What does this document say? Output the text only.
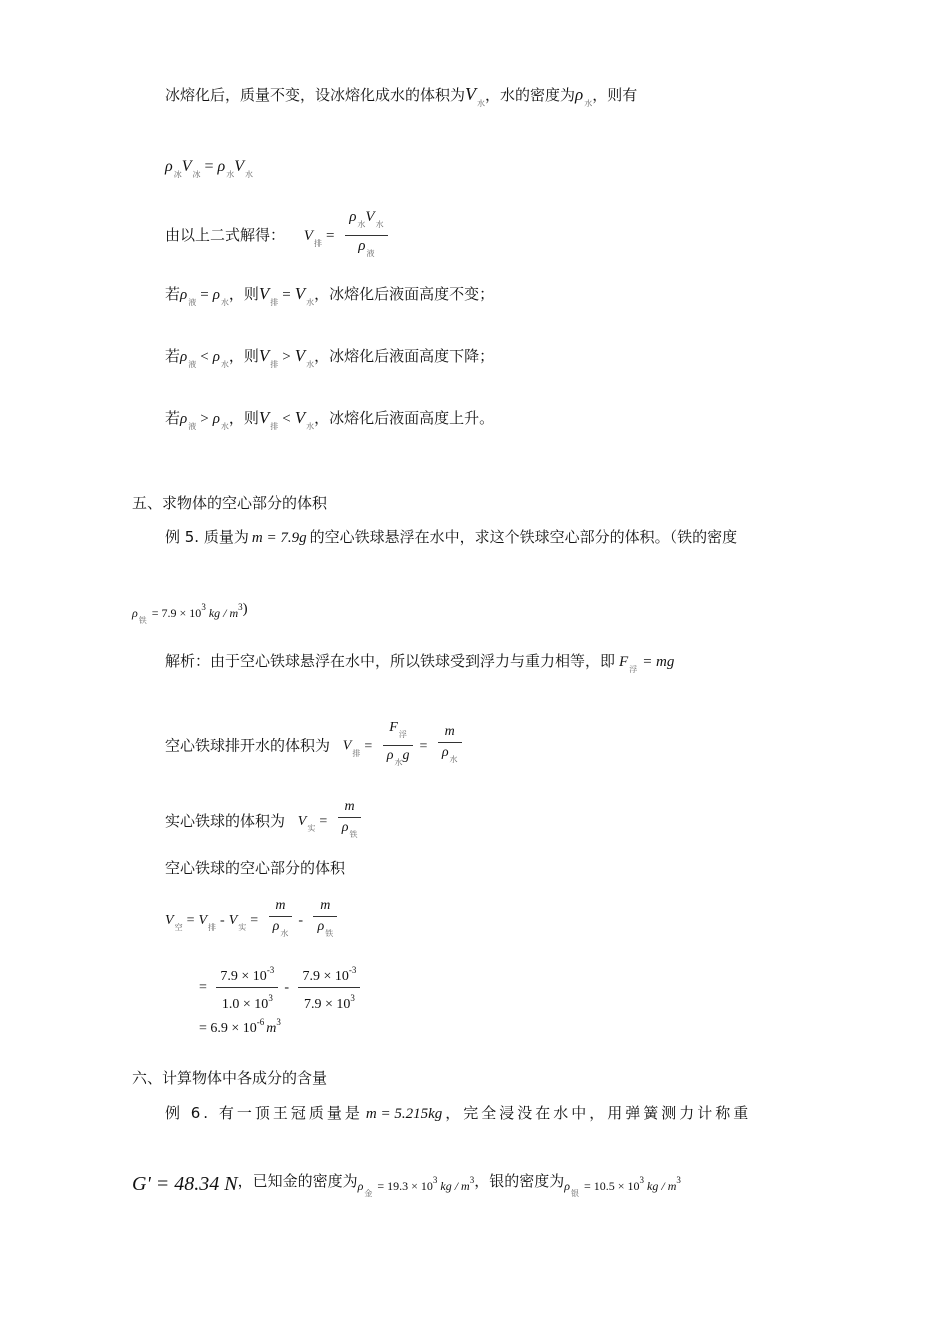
冰熔化后，质量不变，设冰熔化成水的体积为$V_水$，水的密度为$\rho_水$，则有
$\rho_冰V_冰 = \rho_水V_水$
由以上二式解得： $V_排 = \frac{\rho_水V_水}{\rho_液}$
若$\rho_液 = \rho_水$，则$V_排 = V_水$，冰熔化后液面高度不变；
若$\rho_液 < \rho_水$，则$V_排 > V_水$，冰熔化后液面高度下降；
若$\rho_液 > \rho_水$，则$V_排 < V_水$，冰熔化后液面高度上升。
五、求物体的空心部分的体积
例 5. 质量为 m = 7.9g 的空心铁球悬浮在水中，求这个铁球空心部分的体积。（铁的密度
$\rho_铁= 7.9 \times 10^3$ kg / $m^3$)
解析：由于空心铁球悬浮在水中，所以铁球受到浮力与重力相等，即 $F_浮$ = mg
空心铁球排开水的体积为 $V_排 = \frac{F_浮}{\rho_水g} = \frac{m}{\rho_水}$
实心铁球的体积为 $V_实 = \frac{m}{\rho_铁}$
空心铁球的空心部分的体积
$V_空 = V_排 - V_实 = \frac{m}{\rho_水} - \frac{m}{\rho_铁}$
= $\frac{7.9 \times 10^{-3}}{1.0 \times 10^3} - \frac{7.9 \times 10^{-3}}{7.9 \times 10^3}$
= $6.9 \times 10^{-6}$ $m^3$
六、计算物体中各成分的含量
例 6. 有一顶王冠质量是 m = 5.215kg ，完全浸没在水中，用弹簧测力计称重
G' = 48.34 N，已知金的密度为$\rho_金= 19.3 \times 10^3$ kg / $m^3$，银的密度为$\rho_银= 10.5 \times 10^3$ kg / $m^3$
